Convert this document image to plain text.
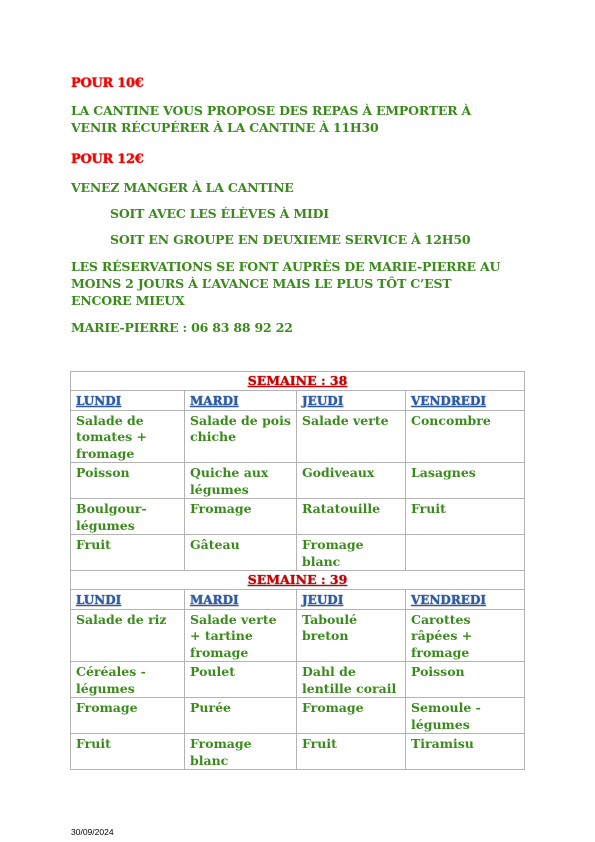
POUR 10€

LA CANTINE VOUS PROPOSE DES REPAS À EMPORTER À VENIR RÉCUPÉRER À LA CANTINE À 11H30

POUR 12€

VENEZ MANGER À LA CANTINE

SOIT AVEC LES ÉLÈVES À MIDI

SOIT EN GROUPE EN DEUXIEME SERVICE À 12H50

LES RÉSERVATIONS SE FONT AUPRÈS DE MARIE-PIERRE AU MOINS 2 JOURS À L’AVANCE MAIS LE PLUS TÔT C’EST ENCORE MIEUX

MARIE-PIERRE : 06 83 88 92 22

SEMAINE : 38			
LUNDI	MARDI	JEUDI	VENDREDI
Salade de tomates + fromage	Salade de pois chiche	Salade verte	Concombre
Poisson	Quiche aux légumes	Godiveaux	Lasagnes
Boulgour-légumes	Fromage	Ratatouille	Fruit
Fruit	Gâteau	Fromage blanc	
SEMAINE : 39			
LUNDI	MARDI	JEUDI	VENDREDI
Salade de riz	Salade verte + tartine fromage	Taboulé breton	Carottes râpées + fromage
Céréales - légumes	Poulet	Dahl de lentille corail	Poisson
Fromage	Purée	Fromage	Semoule - légumes
Fruit	Fromage blanc	Fruit	Tiramisu
30/09/2024
